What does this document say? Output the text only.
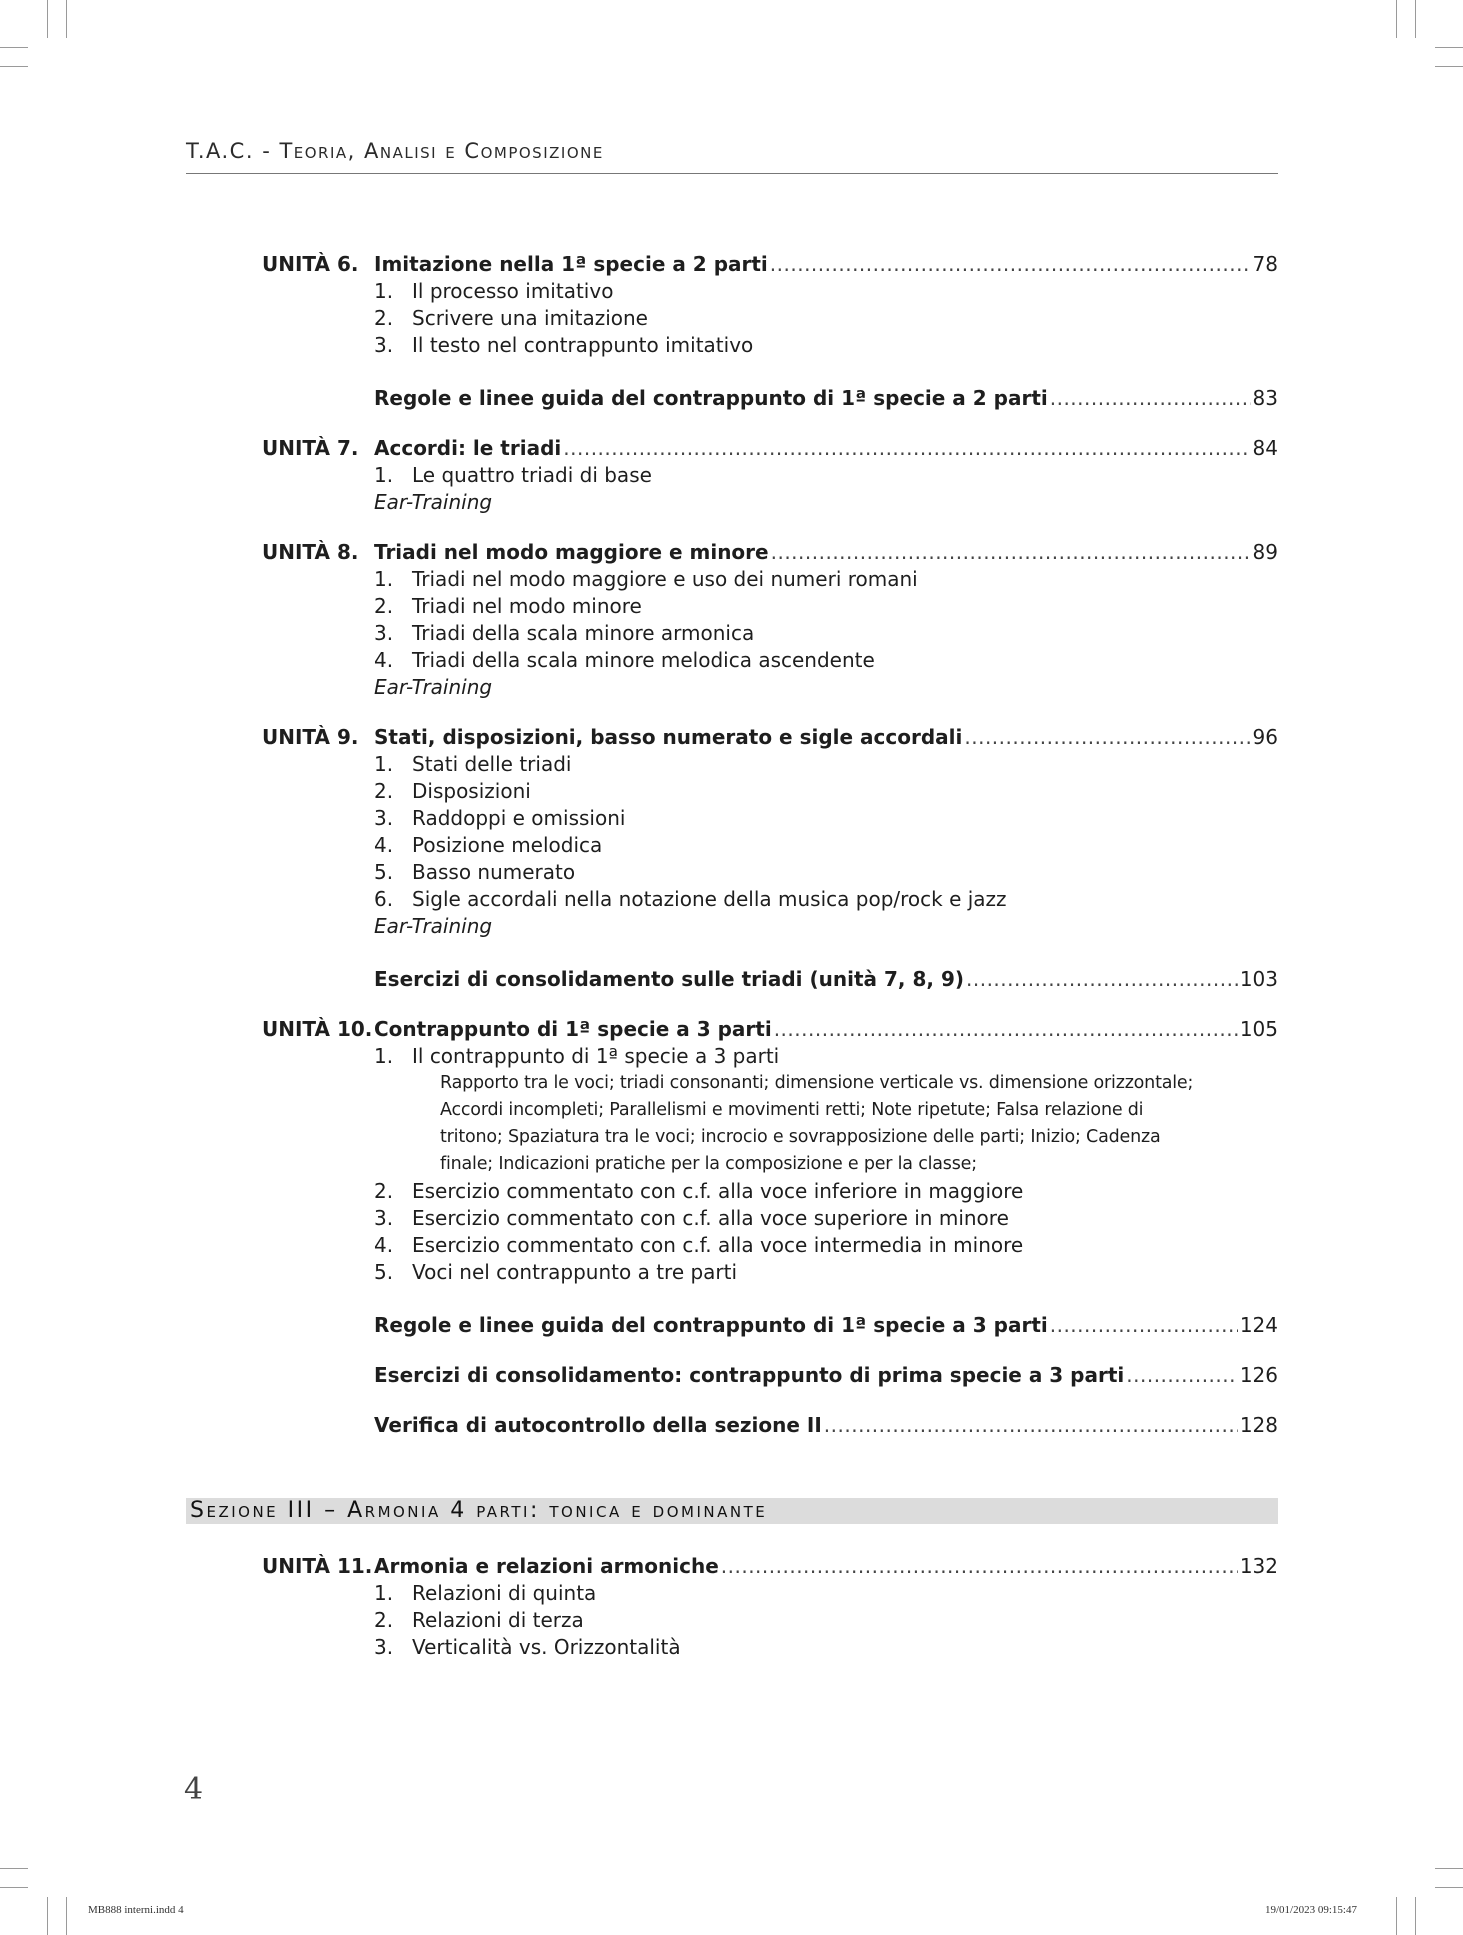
T.A.C. - Teoria, Analisi e Composizione
UNITÀ 6. Imitazione nella 1ª specie a 2 parti .....	78
1. Il processo imitativo
2. Scrivere una imitazione
3. Il testo nel contrappunto imitativo
Regole e linee guida del contrappunto di 1ª specie a 2 parti .....	83
UNITÀ 7. Accordi: le triadi .....	84
1. Le quattro triadi di base
Ear-Training
UNITÀ 8. Triadi nel modo maggiore e minore .....	89
1. Triadi nel modo maggiore e uso dei numeri romani
2. Triadi nel modo minore
3. Triadi della scala minore armonica
4. Triadi della scala minore melodica ascendente
Ear-Training
UNITÀ 9. Stati, disposizioni, basso numerato e sigle accordali .....	96
1. Stati delle triadi
2. Disposizioni
3. Raddoppi e omissioni
4. Posizione melodica
5. Basso numerato
6. Sigle accordali nella notazione della musica pop/rock e jazz
Ear-Training
Esercizi di consolidamento sulle triadi (unità 7, 8, 9) .....	103
UNITÀ 10. Contrappunto di 1ª specie a 3 parti .....	105
1. Il contrappunto di 1ª specie a 3 parti
Rapporto tra le voci; triadi consonanti; dimensione verticale vs. dimensione orizzontale;
Accordi incompleti; Parallelismi e movimenti retti; Note ripetute; Falsa relazione di
tritono; Spaziatura tra le voci; incrocio e sovrapposizione delle parti; Inizio; Cadenza
finale; Indicazioni pratiche per la composizione e per la classe;
2. Esercizio commentato con c.f. alla voce inferiore in maggiore
3. Esercizio commentato con c.f. alla voce superiore in minore
4. Esercizio commentato con c.f. alla voce intermedia in minore
5. Voci nel contrappunto a tre parti
Regole e linee guida del contrappunto di 1ª specie a 3 parti .....	124
Esercizi di consolidamento: contrappunto di prima specie a 3 parti .....	126
Verifica di autocontrollo della sezione II .....	128
Sezione III – Armonia 4 parti: tonica e dominante
UNITÀ 11. Armonia e relazioni armoniche .....	132
1. Relazioni di quinta
2. Relazioni di terza
3. Verticalità vs. Orizzontalità
4
MB888 interni.indd 4	19/01/2023 09:15:47
